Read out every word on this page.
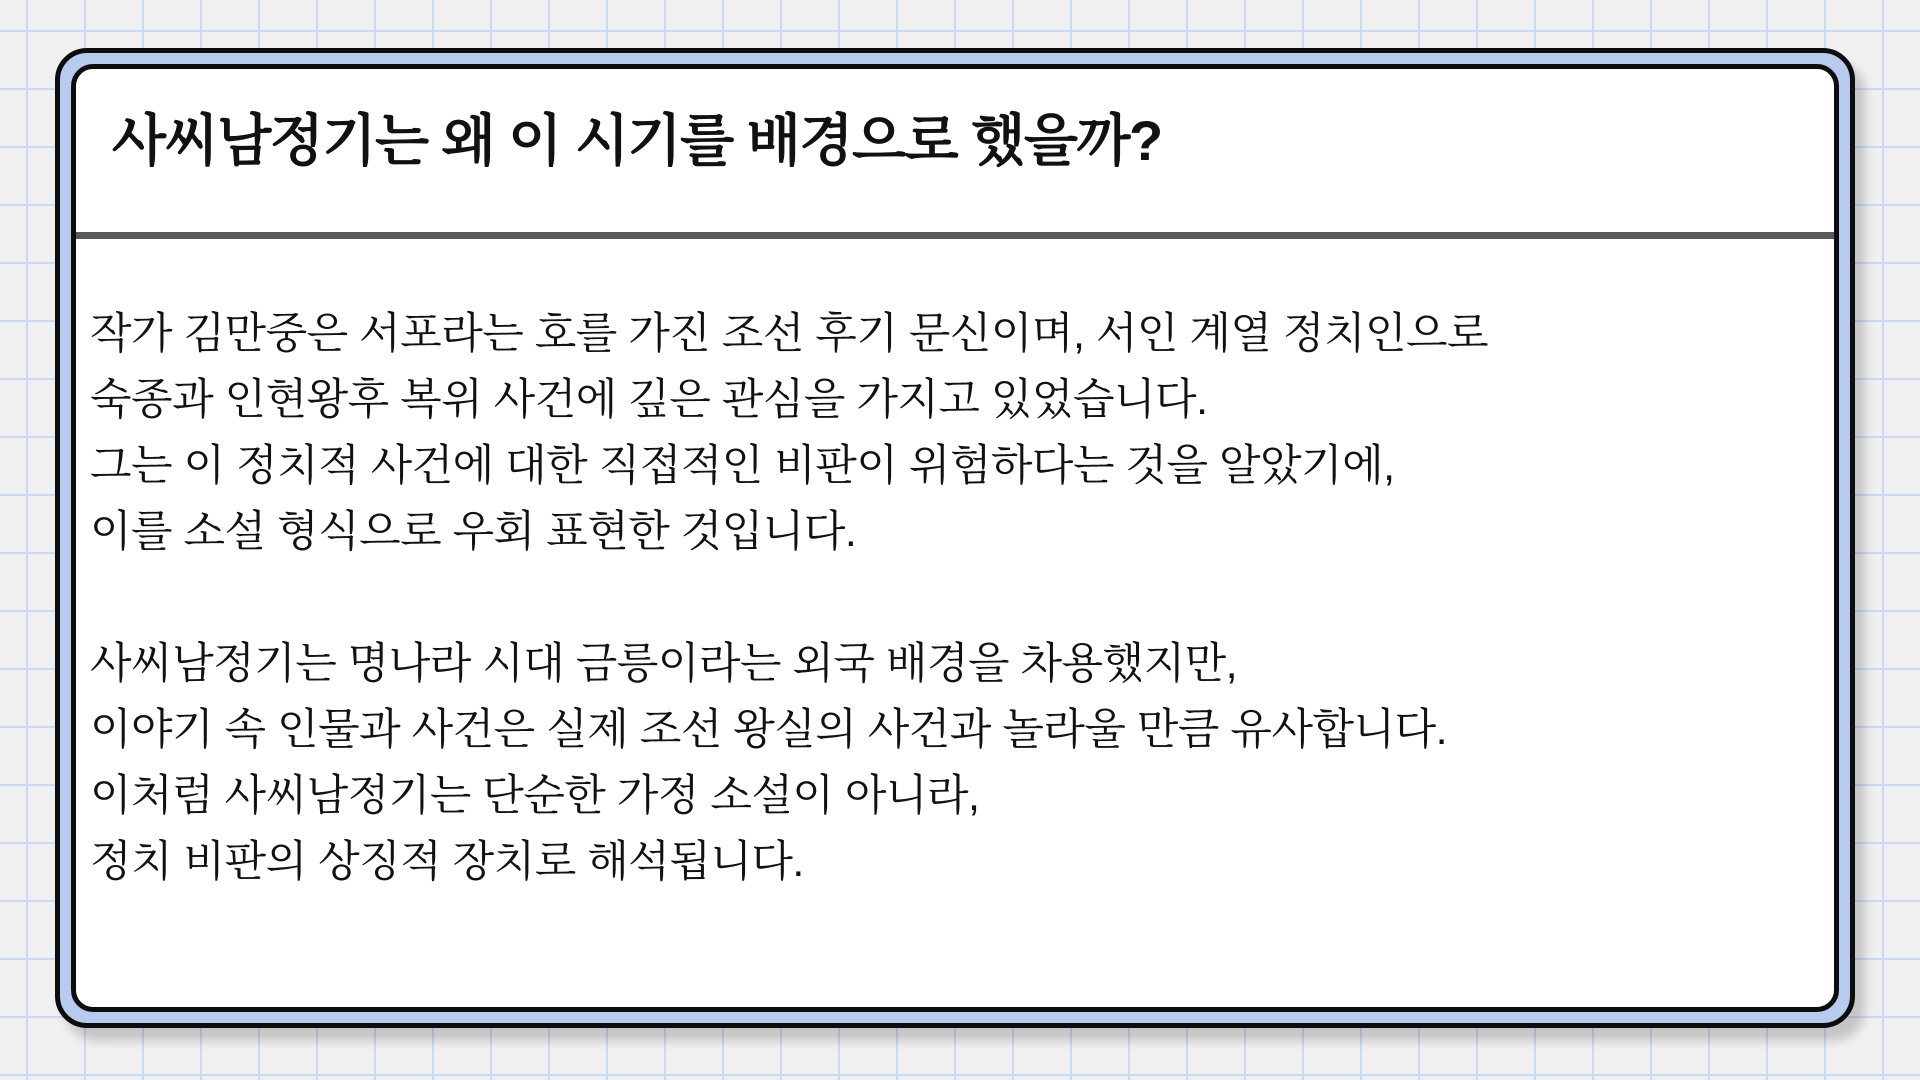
사씨남정기는 왜 이 시기를 배경으로 했을까?

작가 김만중은 서포라는 호를 가진 조선 후기 문신이며, 서인 계열 정치인으로
숙종과 인현왕후 복위 사건에 깊은 관심을 가지고 있었습니다.
그는 이 정치적 사건에 대한 직접적인 비판이 위험하다는 것을 알았기에,
이를 소설 형식으로 우회 표현한 것입니다.

사씨남정기는 명나라 시대 금릉이라는 외국 배경을 차용했지만,
이야기 속 인물과 사건은 실제 조선 왕실의 사건과 놀라울 만큼 유사합니다.
이처럼 사씨남정기는 단순한 가정 소설이 아니라,
정치 비판의 상징적 장치로 해석됩니다.
